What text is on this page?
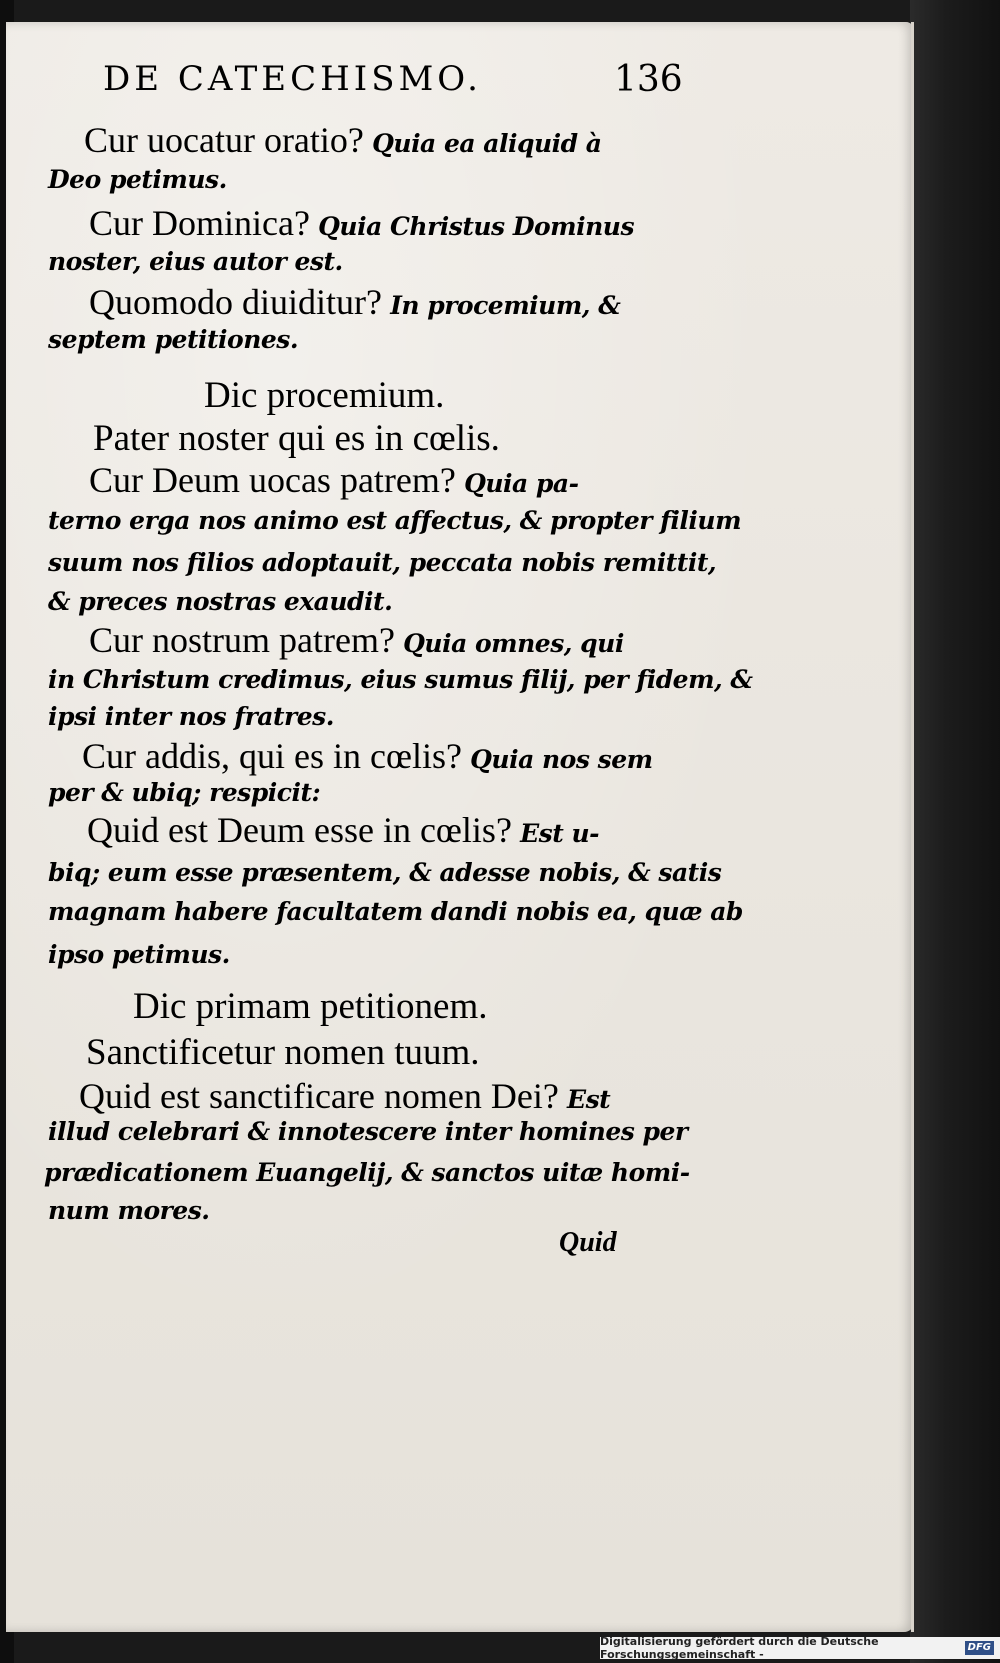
DE CATECHISMO.	136
Cur uocatur oratio? Quia ea aliquid à
Deo petimus.
Cur Dominica? Quia Christus Dominus
noster, eius autor est.
Quomodo diuiditur? In procemium, &
septem petitiones.
Dic procemium.
Pater noster qui es in cœlis.
Cur Deum uocas patrem? Quia pa-
terno erga nos animo est affectus, & propter filium
suum nos filios adoptauit, peccata nobis remittit,
& preces nostras exaudit.
Cur nostrum patrem? Quia omnes, qui
in Christum credimus, eius sumus filij, per fidem, &
ipsi inter nos fratres.
Cur addis, qui es in cœlis? Quia nos sem
per & ubiq; respicit:
Quid est Deum esse in cœlis? Est u-
biq; eum esse præsentem, & adesse nobis, & satis
magnam habere facultatem dandi nobis ea, quæ ab
ipso petimus.
Dic primam petitionem.
Sanctificetur nomen tuum.
Quid est sanctificare nomen Dei? Est
illud celebrari & innotescere inter homines per
prædicationem Euangelij, & sanctos uitæ homi-
num mores.
Quid
Digitalisierung gefördert durch die Deutsche Forschungsgemeinschaft -
DFG
